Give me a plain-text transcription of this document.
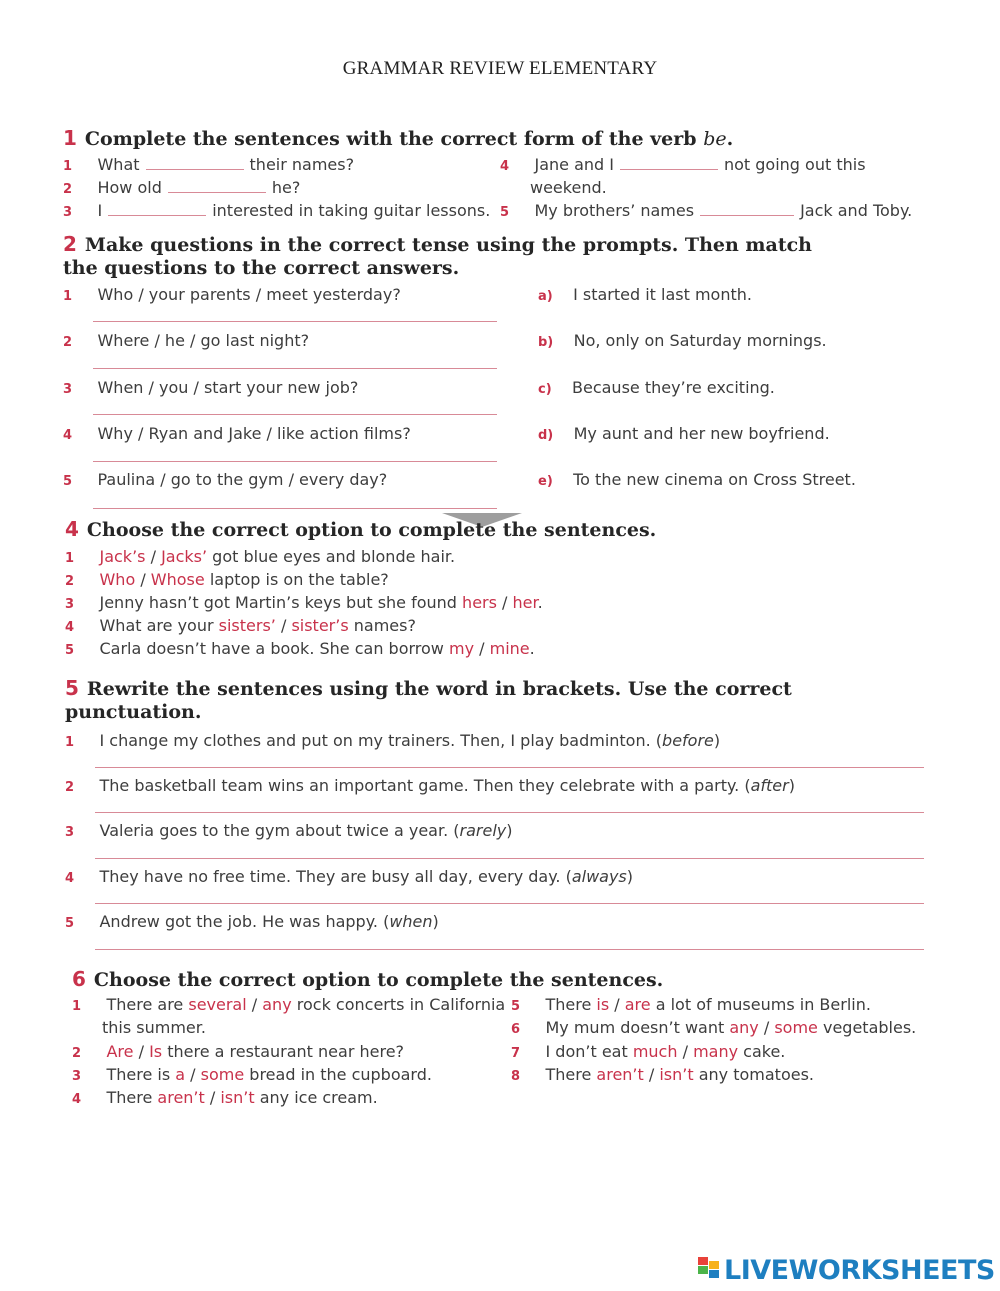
GRAMMAR REVIEW ELEMENTARY
1 Complete the sentences with the correct form of the verb be.
1 What	their names?
2 How old	he?
3 I	interested in taking guitar lessons.
4 Jane and I	not going out this
weekend.
5 My brothers’ names	Jack and Toby.
2 Make questions in the correct tense using the prompts. Then match
the questions to the correct answers.
1 Who / your parents / meet yesterday?
2 Where / he / go last night?
3 When / you / start your new job?
4 Why / Ryan and Jake / like action films?
5 Paulina / go to the gym / every day?
a) I started it last month.
b) No, only on Saturday mornings.
c) Because they’re exciting.
d) My aunt and her new boyfriend.
e) To the new cinema on Cross Street.
4 Choose the correct option to complete the sentences.
1 Jack’s / Jacks’ got blue eyes and blonde hair.
2 Who / Whose laptop is on the table?
3 Jenny hasn’t got Martin’s keys but she found hers / her.
4 What are your sisters’ / sister’s names?
5 Carla doesn’t have a book. She can borrow my / mine.
5 Rewrite the sentences using the word in brackets. Use the correct
punctuation.
1 I change my clothes and put on my trainers. Then, I play badminton. (before)
2 The basketball team wins an important game. Then they celebrate with a party. (after)
3 Valeria goes to the gym about twice a year. (rarely)
4 They have no free time. They are busy all day, every day. (always)
5 Andrew got the job. He was happy. (when)
6 Choose the correct option to complete the sentences.
1 There are several / any rock concerts in California
this summer.
2 Are / Is there a restaurant near here?
3 There is a / some bread in the cupboard.
4 There aren’t / isn’t any ice cream.
5 There is / are a lot of museums in Berlin.
6 My mum doesn’t want any / some vegetables.
7 I don’t eat much / many cake.
8 There aren’t / isn’t any tomatoes.
LIVEWORKSHEETS
